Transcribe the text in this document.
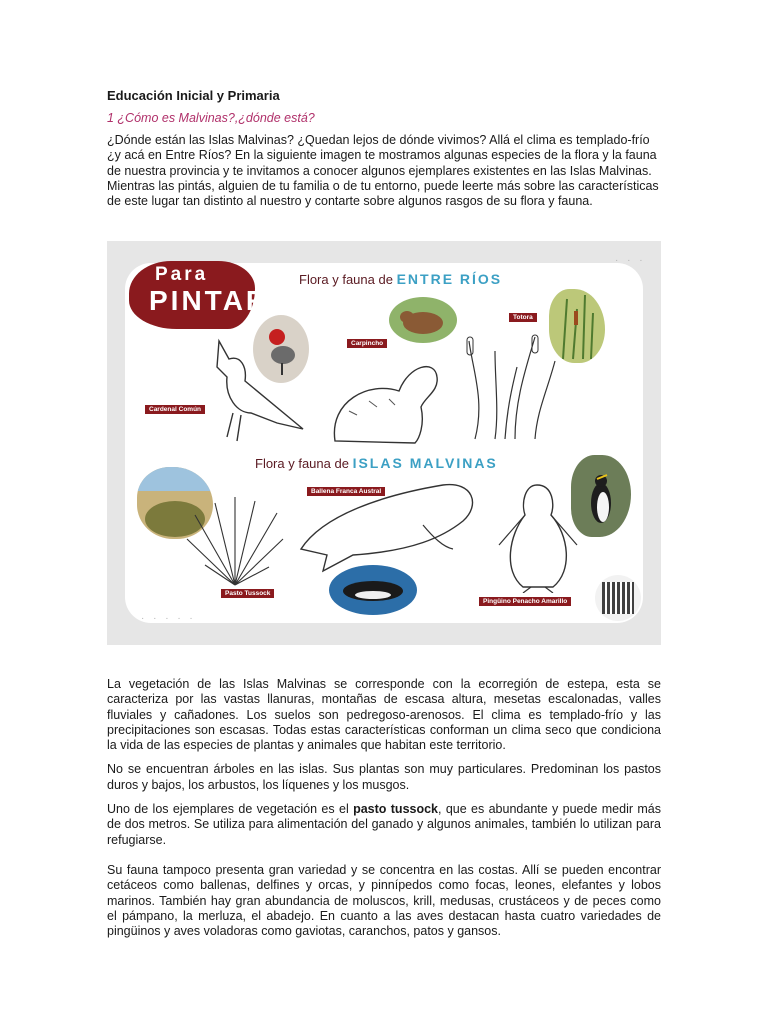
Educación Inicial y Primaria
1 ¿Cómo es Malvinas?,¿dónde está?

¿Dónde están las Islas Malvinas? ¿Quedan lejos de dónde vivimos? Allá el clima es templado-frío
¿y acá en Entre Ríos? En la siguiente imagen te mostramos algunas especies de la flora y la fauna
de nuestra provincia y te invitamos a conocer algunos ejemplares existentes en las Islas Malvinas.
Mientras las pintás, alguien de tu familia o de tu entorno, puede leerte más sobre las características
de este lugar tan distinto al nuestro y contarte sobre algunos rasgos de su flora y fauna.

· · ·
· · · · ·
Para
PINTAR
Flora y fauna de ENTRE RÍOS
Flora y fauna de ISLAS MALVINAS
Cardenal Común
Carpincho
Totora
Ballena Franca Austral
Pasto Tussock
Pingüino Penacho Amarillo

La vegetación de las Islas Malvinas se corresponde con la ecorregión de estepa, esta se caracteriza por las vastas llanuras, montañas de escasa altura, mesetas escalonadas, valles fluviales y cañadones. Los suelos son pedregoso-arenosos. El clima es templado-frío y las precipitaciones son escasas. Todas estas características conforman un clima seco que condiciona la vida de las especies de plantas y animales que habitan este territorio.

No se encuentran árboles en las islas. Sus plantas son muy particulares. Predominan los pastos duros y bajos, los arbustos, los líquenes y los musgos.

Uno de los ejemplares de vegetación es el pasto tussock, que es abundante y puede medir más de dos metros. Se utiliza para alimentación del ganado y algunos animales, también lo utilizan para refugiarse.

Su fauna tampoco presenta gran variedad y se concentra en las costas. Allí se pueden encontrar cetáceos como ballenas, delfines y orcas, y pinnípedos como focas, leones, elefantes y lobos marinos. También hay gran abundancia de moluscos, krill, medusas, crustáceos y de peces como el pámpano, la merluza, el abadejo. En cuanto a las aves destacan hasta cuatro variedades de pingüinos y aves voladoras como gaviotas, caranchos, patos y gansos.
